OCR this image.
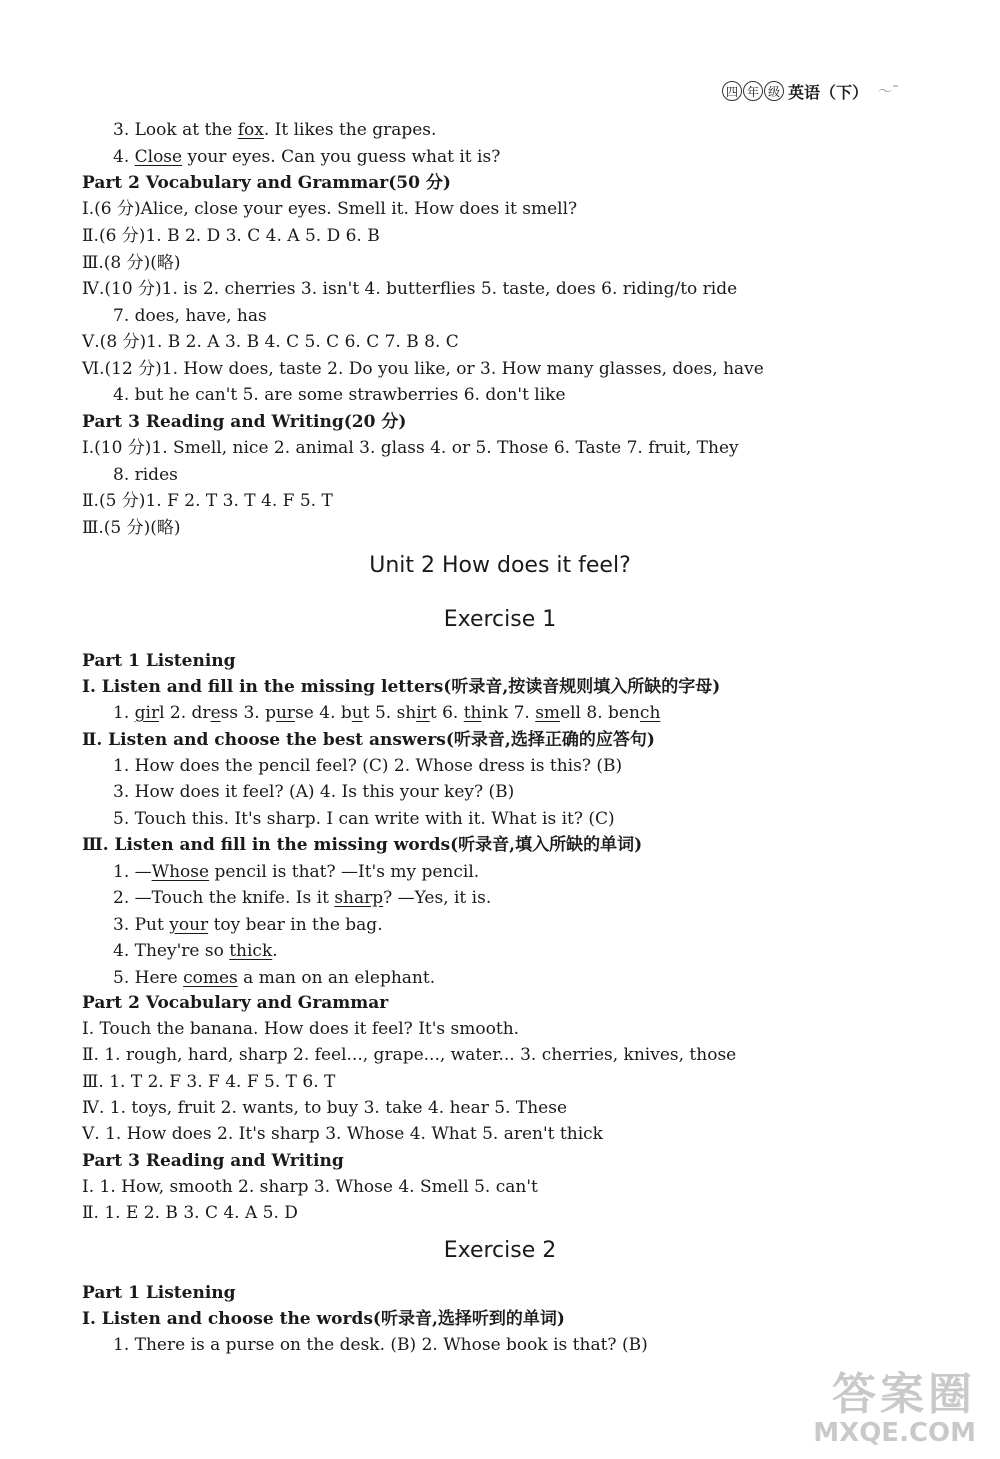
四 年 级 英语（下） ～˜
Unit 2 How does it feel?
Exercise 1
Exercise 2
3. Look at the fox. It likes the grapes.
4. Close your eyes. Can you guess what it is?
Part 2 Vocabulary and Grammar(50 分)
Ⅰ.(6 分)Alice, close your eyes. Smell it. How does it smell?
Ⅱ.(6 分)1. B 2. D 3. C 4. A 5. D 6. B
Ⅲ.(8 分)(略)
Ⅳ.(10 分)1. is 2. cherries 3. isn't 4. butterflies 5. taste, does 6. riding/to ride
7. does, have, has
Ⅴ.(8 分)1. B 2. A 3. B 4. C 5. C 6. C 7. B 8. C
Ⅵ.(12 分)1. How does, taste 2. Do you like, or 3. How many glasses, does, have
4. but he can't 5. are some strawberries 6. don't like
Part 3 Reading and Writing(20 分)
Ⅰ.(10 分)1. Smell, nice 2. animal 3. glass 4. or 5. Those 6. Taste 7. fruit, They
8. rides
Ⅱ.(5 分)1. F 2. T 3. T 4. F 5. T
Ⅲ.(5 分)(略)
Part 1 Listening
Ⅰ. Listen and fill in the missing letters(听录音,按读音规则填入所缺的字母)
1. girl 2. dress 3. purse 4. but 5. shirt 6. think 7. smell 8. bench
Ⅱ. Listen and choose the best answers(听录音,选择正确的应答句)
1. How does the pencil feel? (C) 2. Whose dress is this? (B)
3. How does it feel? (A) 4. Is this your key? (B)
5. Touch this. It's sharp. I can write with it. What is it? (C)
Ⅲ. Listen and fill in the missing words(听录音,填入所缺的单词)
1. —Whose pencil is that? —It's my pencil.
2. —Touch the knife. Is it sharp? —Yes, it is.
3. Put your toy bear in the bag.
4. They're so thick.
5. Here comes a man on an elephant.
Part 2 Vocabulary and Grammar
Ⅰ. Touch the banana. How does it feel? It's smooth.
Ⅱ. 1. rough, hard, sharp 2. feel..., grape..., water... 3. cherries, knives, those
Ⅲ. 1. T 2. F 3. F 4. F 5. T 6. T
Ⅳ. 1. toys, fruit 2. wants, to buy 3. take 4. hear 5. These
Ⅴ. 1. How does 2. It's sharp 3. Whose 4. What 5. aren't thick
Part 3 Reading and Writing
Ⅰ. 1. How, smooth 2. sharp 3. Whose 4. Smell 5. can't
Ⅱ. 1. E 2. B 3. C 4. A 5. D
Part 1 Listening
Ⅰ. Listen and choose the words(听录音,选择听到的单词)
1. There is a purse on the desk. (B) 2. Whose book is that? (B)
答案圈
MXQE.COM
